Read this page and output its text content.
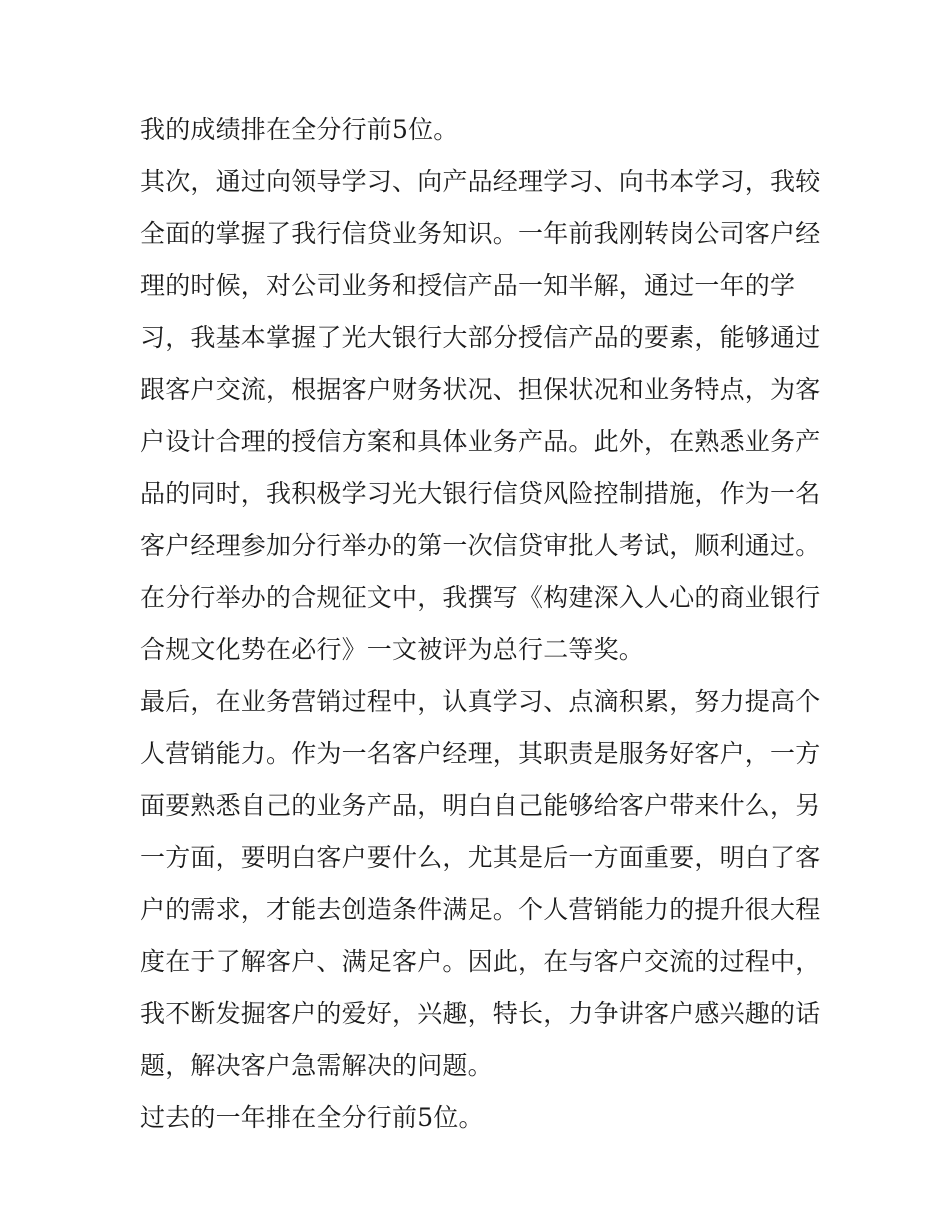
我的成绩排在全分行前5位。
其次，通过向领导学习、向产品经理学习、向书本学习，我较
全面的掌握了我行信贷业务知识。一年前我刚转岗公司客户经
理的时候，对公司业务和授信产品一知半解，通过一年的学
习，我基本掌握了光大银行大部分授信产品的要素，能够通过
跟客户交流，根据客户财务状况、担保状况和业务特点，为客
户设计合理的授信方案和具体业务产品。此外，在熟悉业务产
品的同时，我积极学习光大银行信贷风险控制措施，作为一名
客户经理参加分行举办的第一次信贷审批人考试，顺利通过。
在分行举办的合规征文中，我撰写《构建深入人心的商业银行
合规文化势在必行》一文被评为总行二等奖。
最后，在业务营销过程中，认真学习、点滴积累，努力提高个
人营销能力。作为一名客户经理，其职责是服务好客户，一方
面要熟悉自己的业务产品，明白自己能够给客户带来什么，另
一方面，要明白客户要什么，尤其是后一方面重要，明白了客
户的需求，才能去创造条件满足。个人营销能力的提升很大程
度在于了解客户、满足客户。因此，在与客户交流的过程中，
我不断发掘客户的爱好，兴趣，特长，力争讲客户感兴趣的话
题，解决客户急需解决的问题。
过去的一年排在全分行前5位。
